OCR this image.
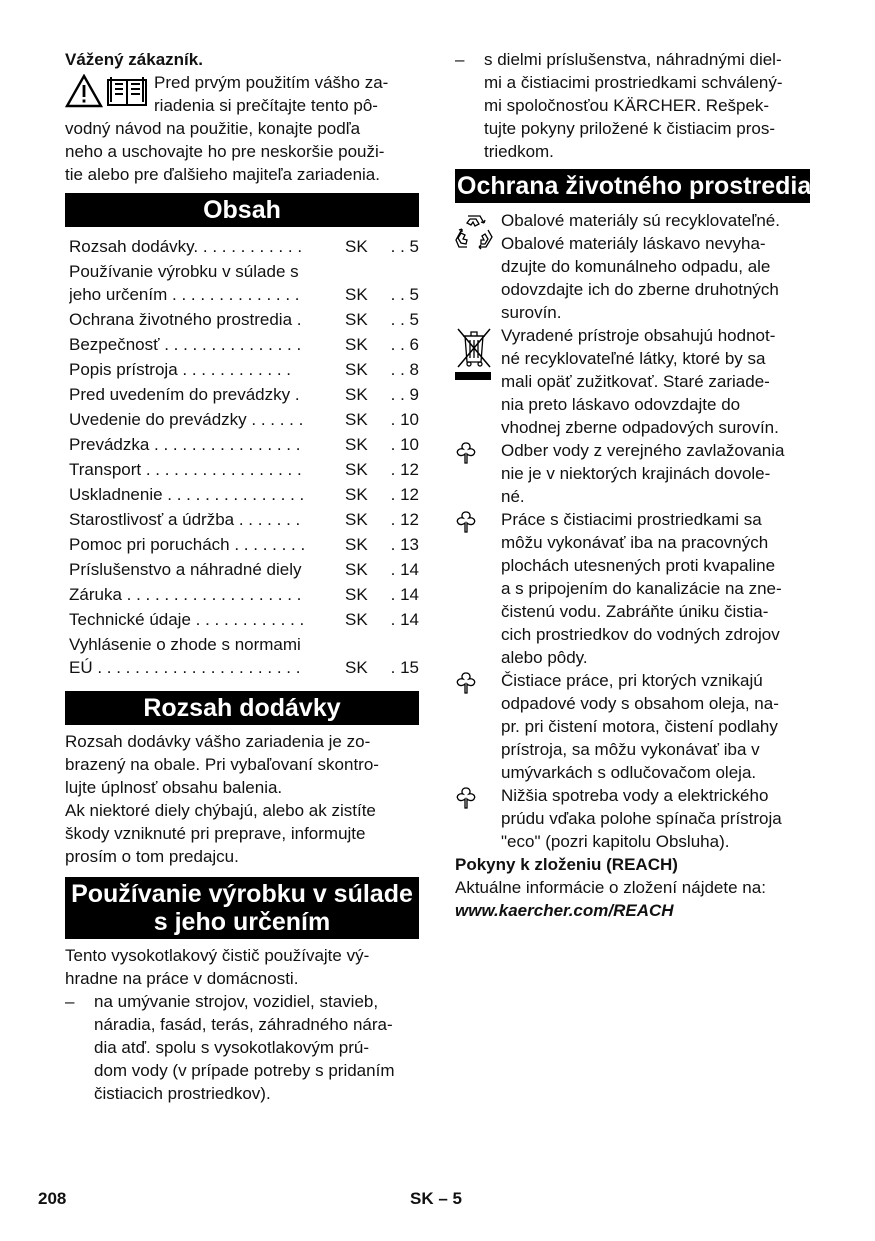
Vážený zákazník.

Pred prvým použitím vášho za-

riadenia si prečítajte tento pô-

vodný návod na použitie, konajte podľa

neho a uschovajte ho pre neskoršie použi-

tie alebo pre ďalšieho majiteľa zariadenia.

Obsah
Rozsah dodávky. . . . . . . . . . . .	SK	. . 5
Používanie výrobku v súlade s
jeho určením . . . . . . . . . . . . . .	SK	. . 5
Ochrana životného prostredia .	SK	. . 5
Bezpečnosť . . . . . . . . . . . . . . .	SK	. . 6
Popis prístroja . . . . . . . . . . . .	SK	. . 8
Pred uvedením do prevádzky .	SK	. . 9
Uvedenie do prevádzky . . . . . .	SK	. 10
Prevádzka . . . . . . . . . . . . . . . .	SK	. 10
Transport . . . . . . . . . . . . . . . . .	SK	. 12
Uskladnenie . . . . . . . . . . . . . . .	SK	. 12
Starostlivosť a údržba . . . . . . .	SK	. 12
Pomoc pri poruchách . . . . . . . .	SK	. 13
Príslušenstvo a náhradné diely	SK	. 14
Záruka . . . . . . . . . . . . . . . . . . .	SK	. 14
Technické údaje . . . . . . . . . . . .	SK	. 14
Vyhlásenie o zhode s normami
EÚ . . . . . . . . . . . . . . . . . . . . . .	SK	. 15
Rozsah dodávky

Rozsah dodávky vášho zariadenia je zo-

brazený na obale. Pri vybaľovaní skontro-

lujte úplnosť obsahu balenia.

Ak niektoré diely chýbajú, alebo ak zistíte

škody vzniknuté pri preprave, informujte

prosím o tom predajcu.

Používanie výrobku v súlade
s jeho určením

Tento vysokotlakový čistič používajte vý-

hradne na práce v domácnosti.

–	na umývanie strojov, vozidiel, stavieb,
náradia, fasád, terás, záhradného nára-
dia atď. spolu s vysokotlakovým prú-
dom vody (v prípade potreby s pridaním
čistiacich prostriedkov).
–	s dielmi príslušenstva, náhradnými diel-
mi a čistiacimi prostriedkami schválený-
mi spoločnosťou KÄRCHER. Rešpek-
tujte pokyny priložené k čistiacim pros-
triedkom.
Ochrana životného prostredia
Obalové materiály sú recyklovateľné.
Obalové materiály láskavo nevyha-
dzujte do komunálneho odpadu, ale
odovzdajte ich do zberne druhotných
surovín.
Vyradené prístroje obsahujú hodnot-
né recyklovateľné látky, ktoré by sa
mali opäť zužitkovať. Staré zariade-
nia preto láskavo odovzdajte do
vhodnej zberne odpadových surovín.
Odber vody z verejného zavlažovania
nie je v niektorých krajinách dovole-
né.
Práce s čistiacimi prostriedkami sa
môžu vykonávať iba na pracovných
plochách utesnených proti kvapaline
a s pripojením do kanalizácie na zne-
čistenú vodu. Zabráňte úniku čistia-
cich prostriedkov do vodných zdrojov
alebo pôdy.
Čistiace práce, pri ktorých vznikajú
odpadové vody s obsahom oleja, na-
pr. pri čistení motora, čistení podlahy
prístroja, sa môžu vykonávať iba v
umývarkách s odlučovačom oleja.
Nižšia spotreba vody a elektrického
prúdu vďaka polohe spínača prístroja
"eco" (pozri kapitolu Obsluha).

Pokyny k zloženiu (REACH)

Aktuálne informácie o zložení nájdete na:

www.kaercher.com/REACH

208	SK – 5
